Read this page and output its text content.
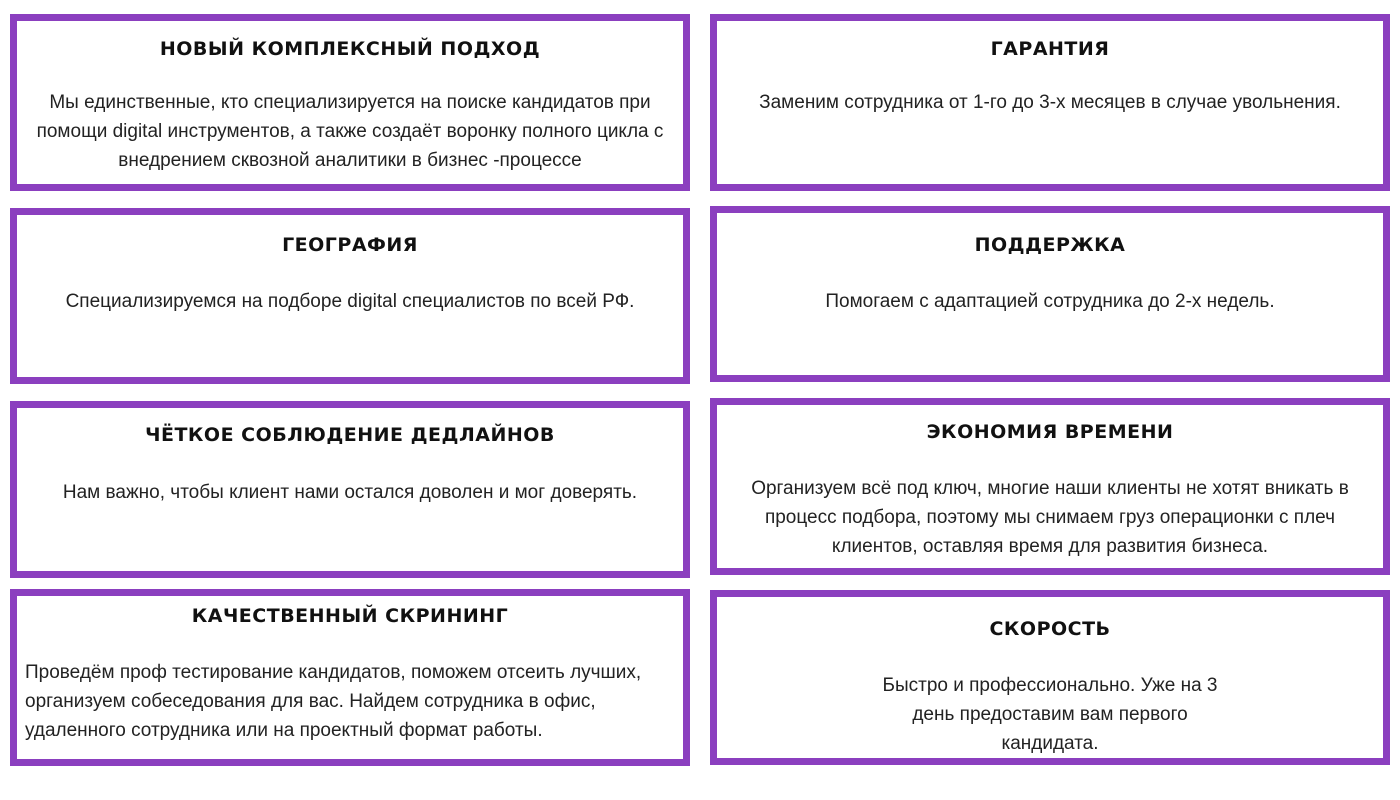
НОВЫЙ КОМПЛЕКСНЫЙ ПОДХОД

Мы единственные, кто специализируется на поиске кандидатов при помощи digital инструментов, а также создаёт воронку полного цикла с внедрением сквозной аналитики в бизнес -процессе

ГАРАНТИЯ

Заменим сотрудника от 1-го до 3-х месяцев в случае увольнения.

ГЕОГРАФИЯ

Специализируемся на подборе digital специалистов по всей РФ.

ПОДДЕРЖКА

Помогаем с адаптацией сотрудника до 2-х недель.

ЧЁТКОЕ СОБЛЮДЕНИЕ ДЕДЛАЙНОВ

Нам важно, чтобы клиент нами остался доволен и мог доверять.

ЭКОНОМИЯ ВРЕМЕНИ

Организуем всё под ключ, многие наши клиенты не хотят вникать в процесс подбора, поэтому мы снимаем груз операционки с плеч клиентов, оставляя время для развития бизнеса.

КАЧЕСТВЕННЫЙ СКРИНИНГ

Проведём проф тестирование кандидатов, поможем отсеить лучших, организуем собеседования для вас. Найдем сотрудника в офис, удаленного сотрудника или на проектный формат работы.

СКОРОСТЬ

Быстро и профессионально. Уже на 3 день предоставим вам первого кандидата.
